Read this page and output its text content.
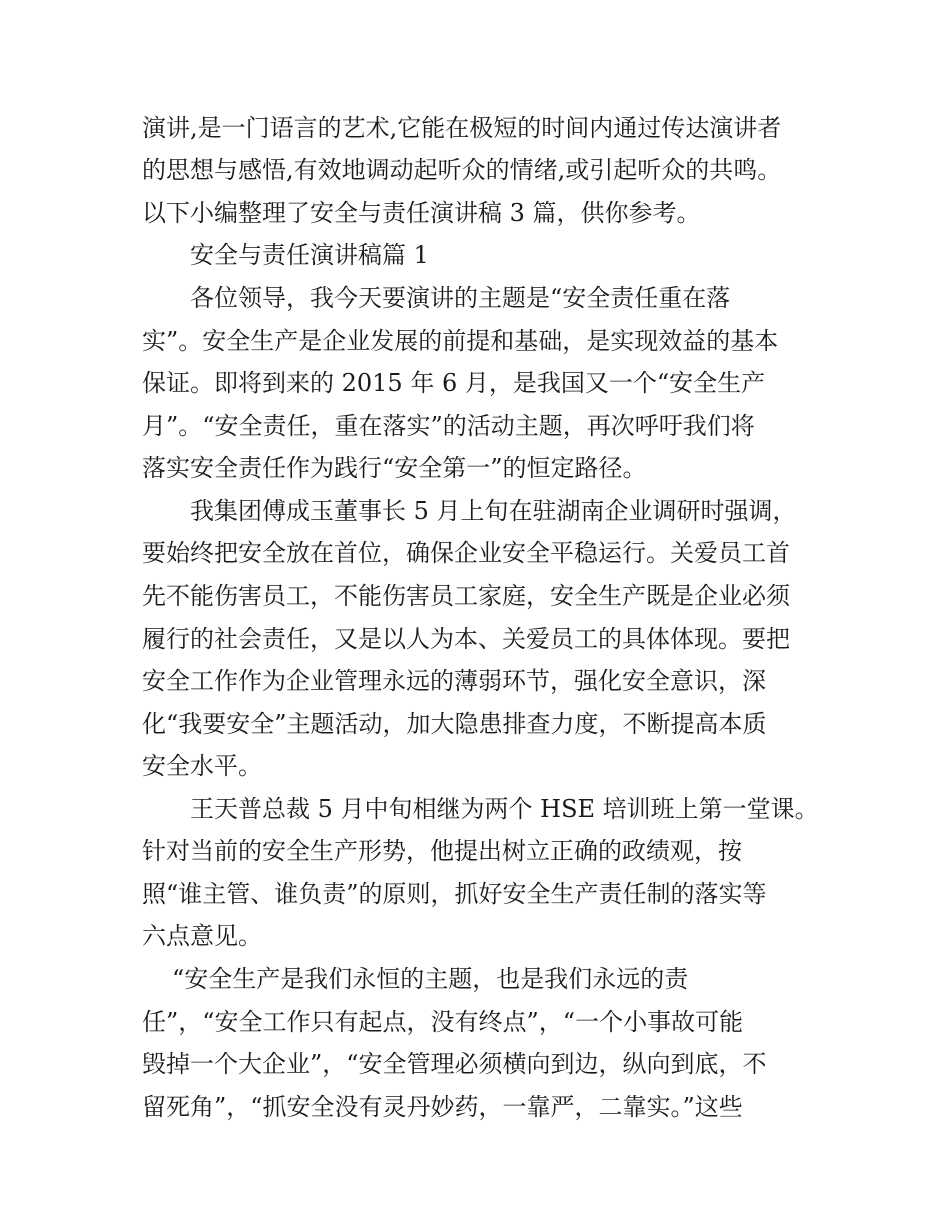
演讲,是一门语言的艺术,它能在极短的时间内通过传达演讲者
的思想与感悟,有效地调动起听众的情绪,或引起听众的共鸣。
以下小编整理了安全与责任演讲稿 3 篇，供你参考。
安全与责任演讲稿篇 1
各位领导，我今天要演讲的主题是“安全责任重在落
实”。安全生产是企业发展的前提和基础，是实现效益的基本
保证。即将到来的 2015 年 6 月，是我国又一个“安全生产
月”。“安全责任，重在落实”的活动主题，再次呼吁我们将
落实安全责任作为践行“安全第一”的恒定路径。
我集团傅成玉董事长 5 月上旬在驻湖南企业调研时强调，
要始终把安全放在首位，确保企业安全平稳运行。关爱员工首
先不能伤害员工，不能伤害员工家庭，安全生产既是企业必须
履行的社会责任，又是以人为本、关爱员工的具体体现。要把
安全工作作为企业管理永远的薄弱环节，强化安全意识，深
化“我要安全”主题活动，加大隐患排查力度，不断提高本质
安全水平。
王天普总裁 5 月中旬相继为两个 HSE 培训班上第一堂课。
针对当前的安全生产形势，他提出树立正确的政绩观，按
照“谁主管、谁负责”的原则，抓好安全生产责任制的落实等
六点意见。
“安全生产是我们永恒的主题，也是我们永远的责
任”，“安全工作只有起点，没有终点”，“一个小事故可能
毁掉一个大企业”，“安全管理必须横向到边，纵向到底，不
留死角”，“抓安全没有灵丹妙药，一靠严，二靠实。”这些
